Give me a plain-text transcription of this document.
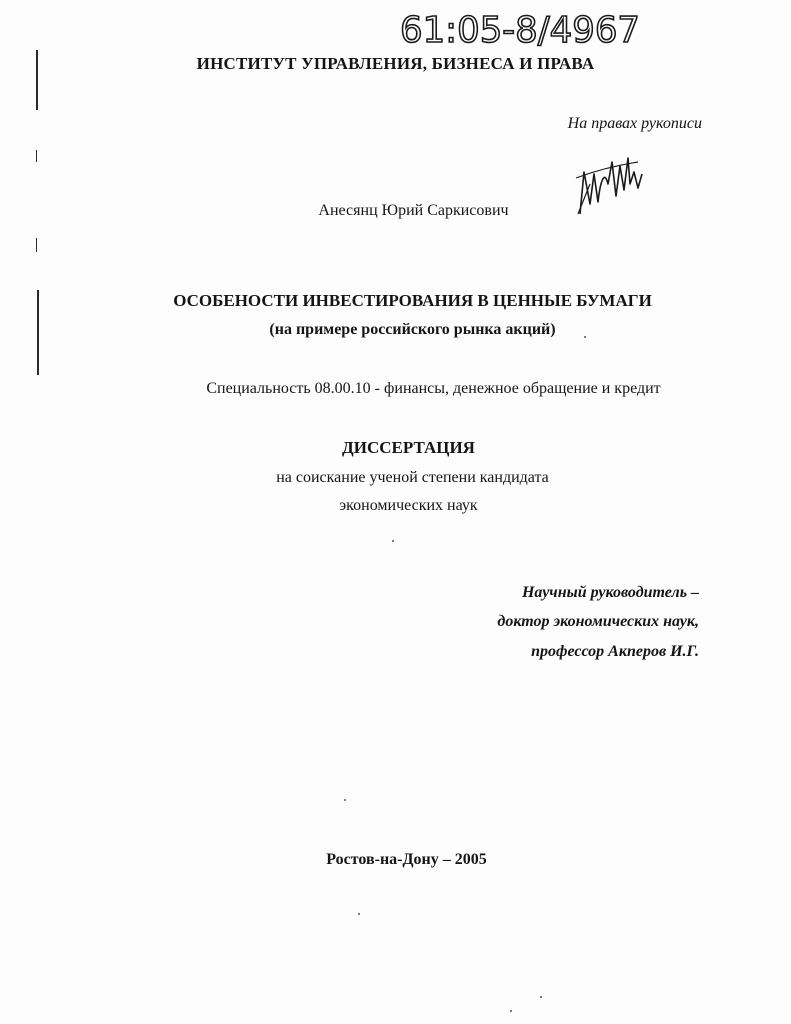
61:05-8/4967
ИНСТИТУТ УПРАВЛЕНИЯ, БИЗНЕСА И ПРАВА
На правах рукописи
Анесянц Юрий Саркисович
ОСОБЕНОСТИ ИНВЕСТИРОВАНИЯ В ЦЕННЫЕ БУМАГИ
(на примере российского рынка акций)
Специальность 08.00.10 - финансы, денежное обращение и кредит
ДИССЕРТАЦИЯ
на соискание ученой степени кандидата
экономических наук
Научный руководитель –
доктор экономических наук,
профессор Акперов И.Г.
Ростов-на-Дону – 2005
